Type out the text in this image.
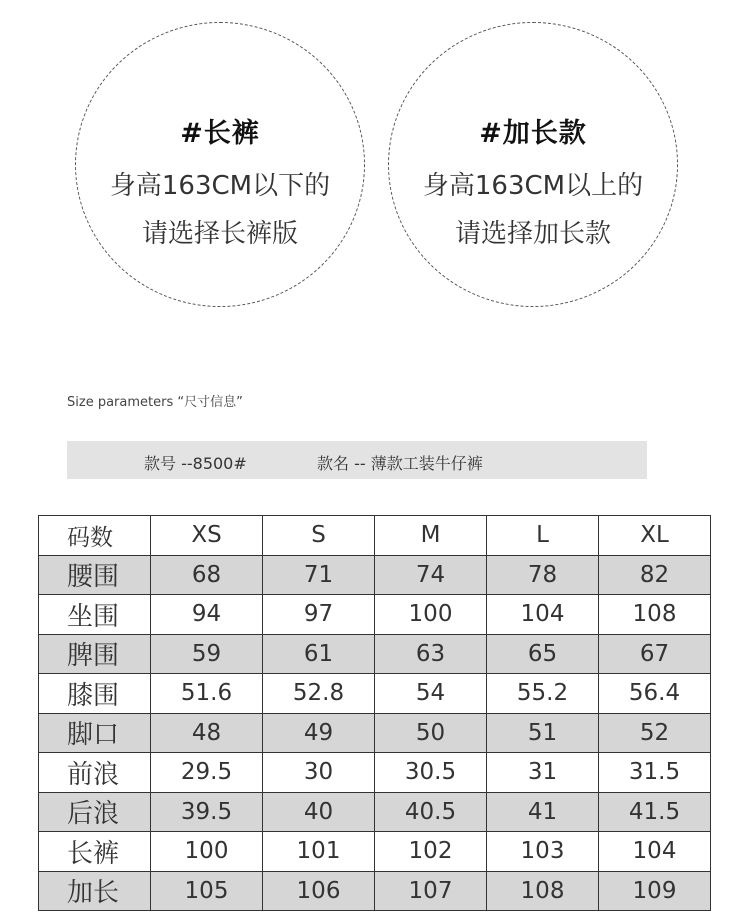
#长裤
身高163CM以下的
请选择长裤版
#加长款
身高163CM以上的
请选择加长款
Size parameters “尺寸信息”
款号 --8500#	款名 -- 薄款工装牛仔裤
码数	XS	S	M	L	XL
腰围	68	71	74	78	82
坐围	94	97	100	104	108
脾围	59	61	63	65	67
膝围	51.6	52.8	54	55.2	56.4
脚口	48	49	50	51	52
前浪	29.5	30	30.5	31	31.5
后浪	39.5	40	40.5	41	41.5
长裤	100	101	102	103	104
加长	105	106	107	108	109
